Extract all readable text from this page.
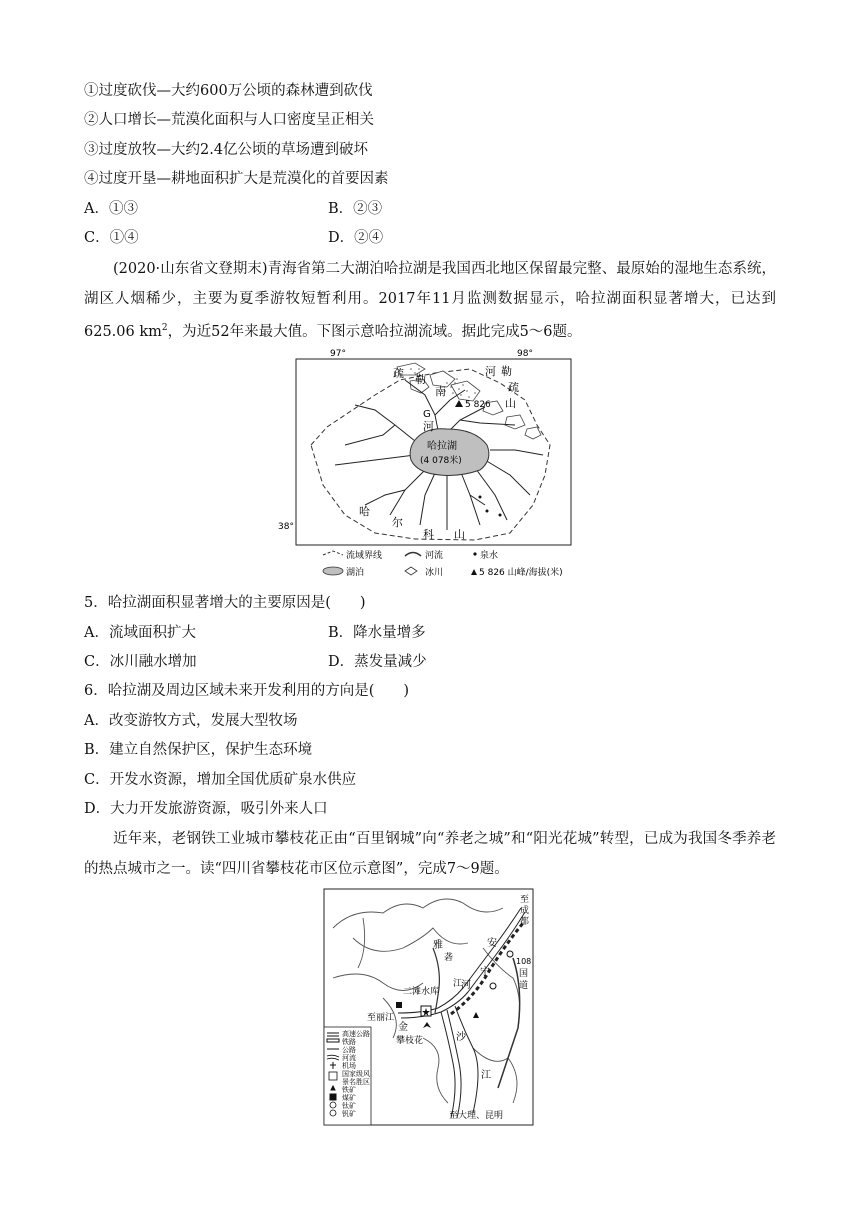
①过度砍伐—大约600万公顷的森林遭到砍伐
②人口增长—荒漠化面积与人口密度呈正相关
③过度放牧—大约2.4亿公顷的草场遭到破坏
④过度开垦—耕地面积扩大是荒漠化的首要因素
A．①③	B．②③
C．①④	D．②④
(2020·山东省文登期末)青海省第二大湖泊哈拉湖是我国西北地区保留最完整、最原始的湿地生态系统，湖区人烟稀少，主要为夏季游牧短暂利用。2017年11月监测数据显示，哈拉湖面积显著增大，已达到625.06 $km^2$，为近52年来最大值。下图示意哈拉湖流域。据此完成5～6题。
97°	98°
38°
哈拉湖
(4 078米)
5 826
G
疏 勒
南
河 勒
疏
山
河
哈
尔
科 山
流域界线	河流	泉水
湖泊	冰川	5 826 山峰/海拔(米)
5．哈拉湖面积显著增大的主要原因是(　　)
A．流域面积扩大	B．降水量增多
C．冰川融水增加	D．蒸发量减少
6．哈拉湖及周边区域未来开发利用的方向是(　　)
A．改变游牧方式，发展大型牧场
B．建立自然保护区，保护生态环境
C．开发水资源，增加全国优质矿泉水供应
D．大力开发旅游资源，吸引外来人口
近年来，老钢铁工业城市攀枝花正由“百里钢城”向“养老之城”和“阳光花城”转型，已成为我国冬季养老的热点城市之一。读“四川省攀枝花市区位示意图”，完成7～9题。
至
成
都
安
宁
雅
砻
江
河
二滩水库
108
国
道
至丽江
金
攀枝花	沙
江
至大理、昆明
高速公路
铁路
公路
河流
机场
国家级风
景名胜区
铁矿
煤矿
钛矿
钒矿
